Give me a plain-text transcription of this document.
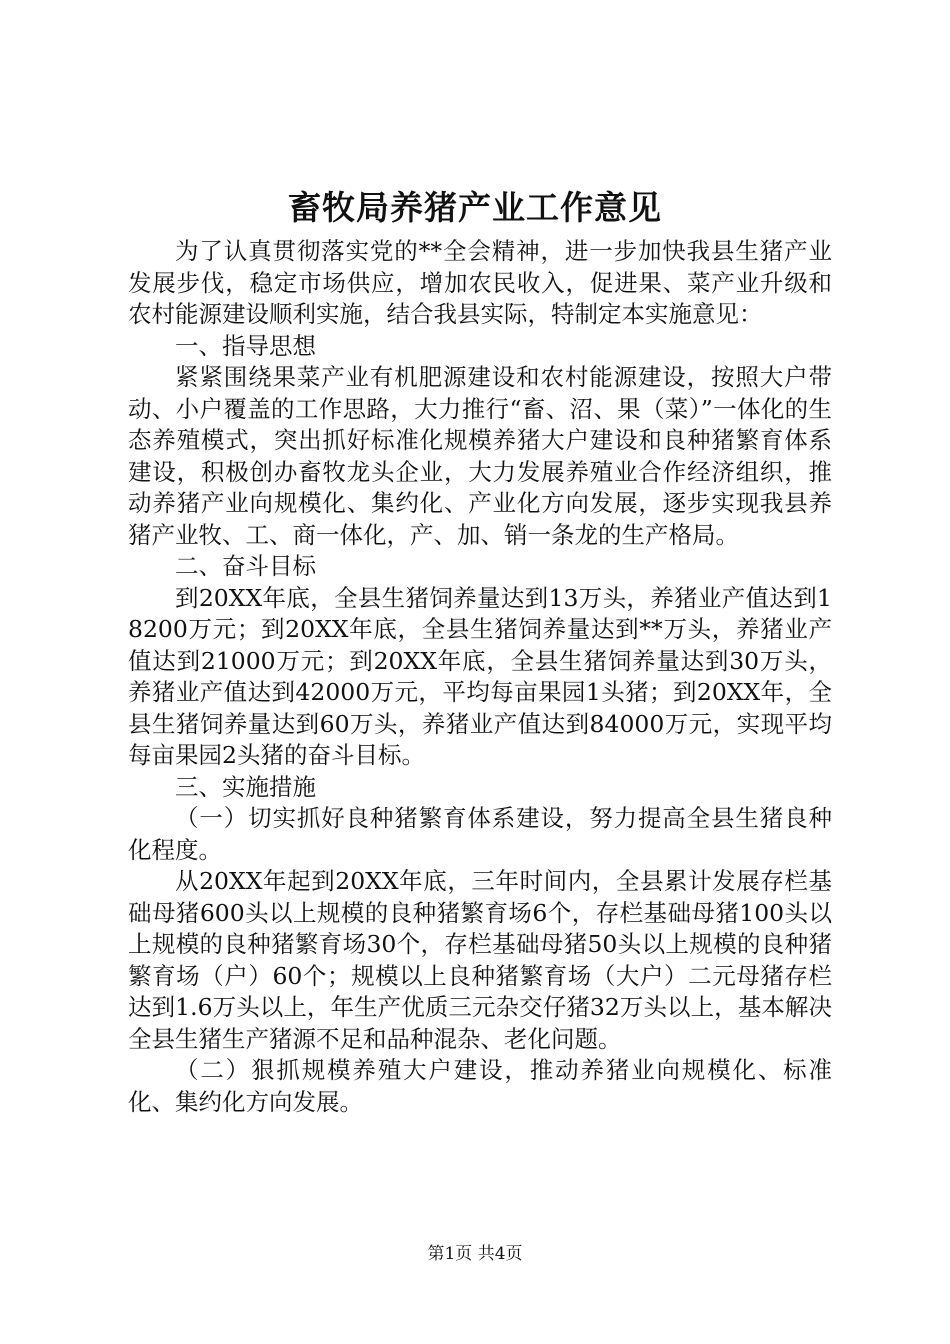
畜牧局养猪产业工作意见

为了认真贯彻落实党的**全会精神，进一步加快我县生猪产业发展步伐，稳定市场供应，增加农民收入，促进果、菜产业升级和农村能源建设顺利实施，结合我县实际，特制定本实施意见：

一、指导思想

紧紧围绕果菜产业有机肥源建设和农村能源建设，按照大户带动、小户覆盖的工作思路，大力推行“畜、沼、果（菜）”一体化的生态养殖模式，突出抓好标准化规模养猪大户建设和良种猪繁育体系建设，积极创办畜牧龙头企业，大力发展养殖业合作经济组织，推动养猪产业向规模化、集约化、产业化方向发展，逐步实现我县养猪产业牧、工、商一体化，产、加、销一条龙的生产格局。

二、奋斗目标

到20XX年底，全县生猪饲养量达到13万头，养猪业产值达到18200万元；到20XX年底，全县生猪饲养量达到**万头，养猪业产值达到21000万元；到20XX年底，全县生猪饲养量达到30万头，养猪业产值达到42000万元，平均每亩果园1头猪；到20XX年，全县生猪饲养量达到60万头，养猪业产值达到84000万元，实现平均每亩果园2头猪的奋斗目标。

三、实施措施

（一）切实抓好良种猪繁育体系建设，努力提高全县生猪良种化程度。

从20XX年起到20XX年底，三年时间内，全县累计发展存栏基础母猪600头以上规模的良种猪繁育场6个，存栏基础母猪100头以上规模的良种猪繁育场30个，存栏基础母猪50头以上规模的良种猪繁育场（户）60个；规模以上良种猪繁育场（大户）二元母猪存栏达到1.6万头以上，年生产优质三元杂交仔猪32万头以上，基本解决全县生猪生产猪源不足和品种混杂、老化问题。

（二）狠抓规模养殖大户建设，推动养猪业向规模化、标准化、集约化方向发展。

第1页 共4页
